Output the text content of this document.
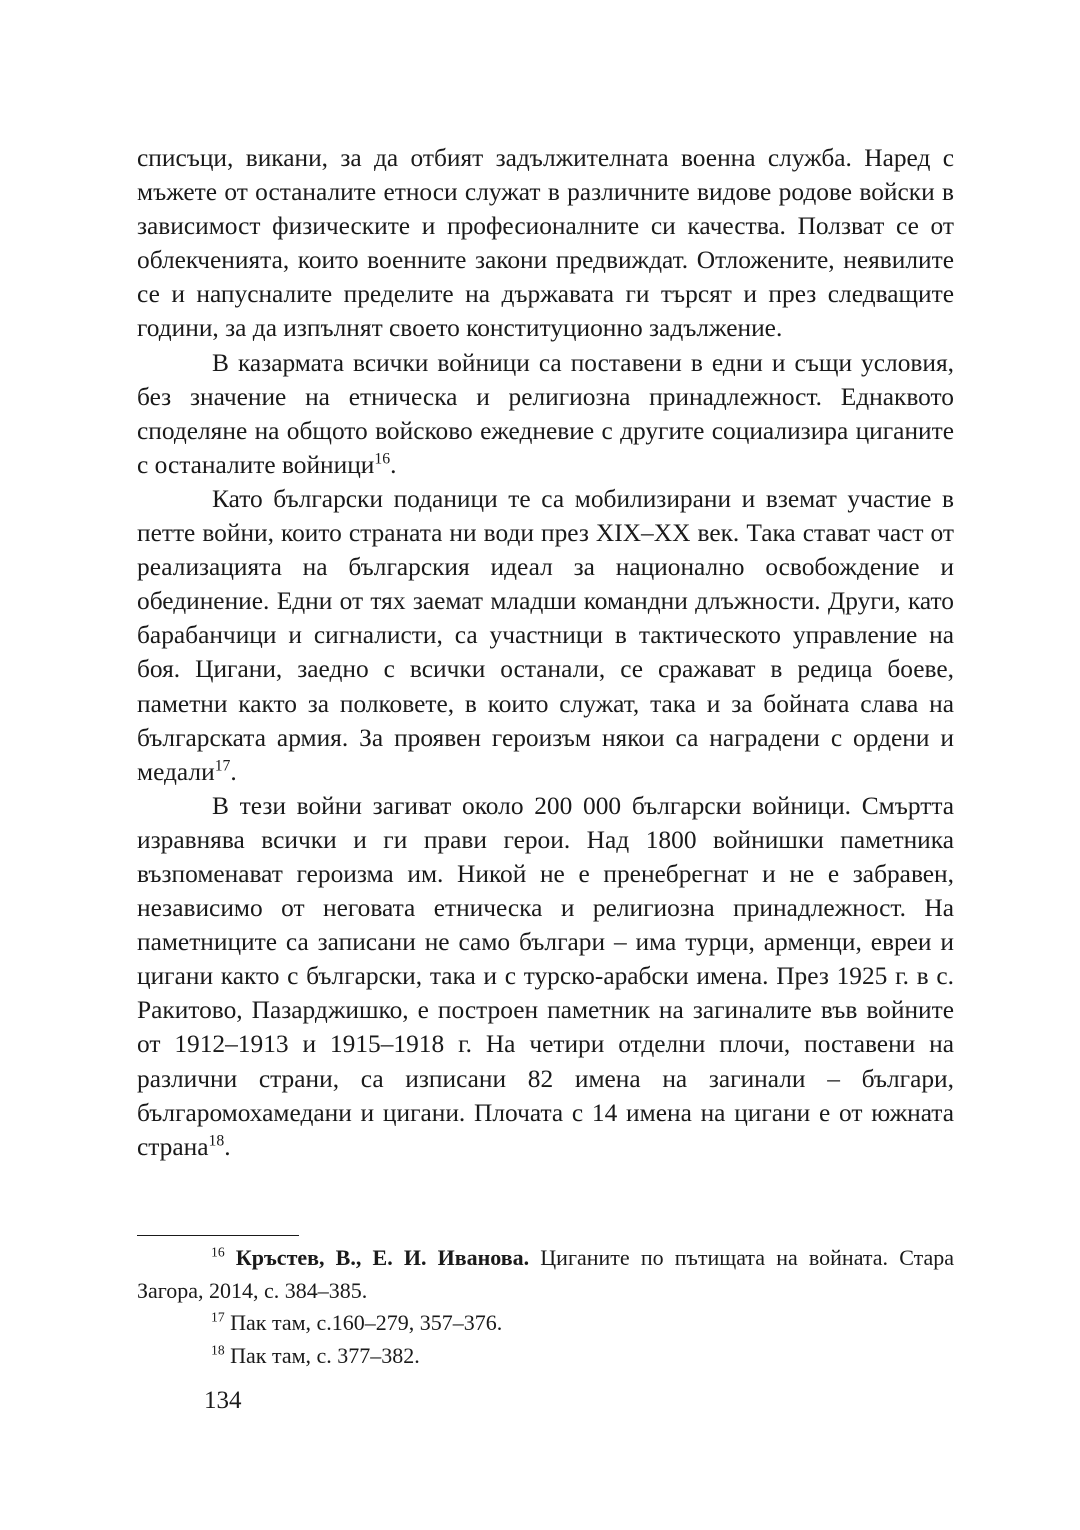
списъци, викани, за да отбият задължителната военна служба. Наред с мъжете от останалите етноси служат в различните видове родове войски в зависимост физическите и професионалните си качества. Ползват се от облекченията, които военните закони предвиждат. Отложените, неявилите се и напусналите пределите на държавата ги търсят и през следващите години, за да изпълнят своето конституционно задължение.

В казармата всички войници са поставени в едни и същи условия, без значение на етническа и религиозна принадлежност. Еднаквото споделяне на общото войсково ежедневие с другите социализира циганите с останалите войници$^{16}$.

Като български поданици те са мобилизирани и вземат участие в петте войни, които страната ни води през XIX–XX век. Така стават част от реализацията на българския идеал за национално освобождение и обединение. Едни от тях заемат младши командни длъжности. Други, като барабанчици и сигналисти, са участници в тактическото управление на боя. Цигани, заедно с всички останали, се сражават в редица боеве, паметни както за полковете, в които служат, така и за бойната слава на българската армия. За проявен героизъм някои са наградени с ордени и медали$^{17}$.

В тези войни загиват около 200 000 български войници. Смъртта изравнява всички и ги прави герои. Над 1800 войнишки паметника възпоменават героизма им. Никой не е пренебрегнат и не е забравен, независимо от неговата етническа и религиозна принадлежност. На паметниците са записани не само българи – има турци, арменци, евреи и цигани както с български, така и с турско-арабски имена. През 1925 г. в с. Ракитово, Пазарджишко, е построен паметник на загиналите във войните от 1912–1913 и 1915–1918 г. На четири отделни плочи, поставени на различни страни, са изписани 82 имена на загинали – българи, българомохамедани и цигани. Плочата с 14 имена на цигани е от южната страна$^{18}$.

$^{16}$ Кръстев, В., Е. И. Иванова. Циганите по пътищата на войната. Стара Загора, 2014, с. 384–385.

$^{17}$ Пак там, с.160–279, 357–376.

$^{18}$ Пак там, с. 377–382.

134
